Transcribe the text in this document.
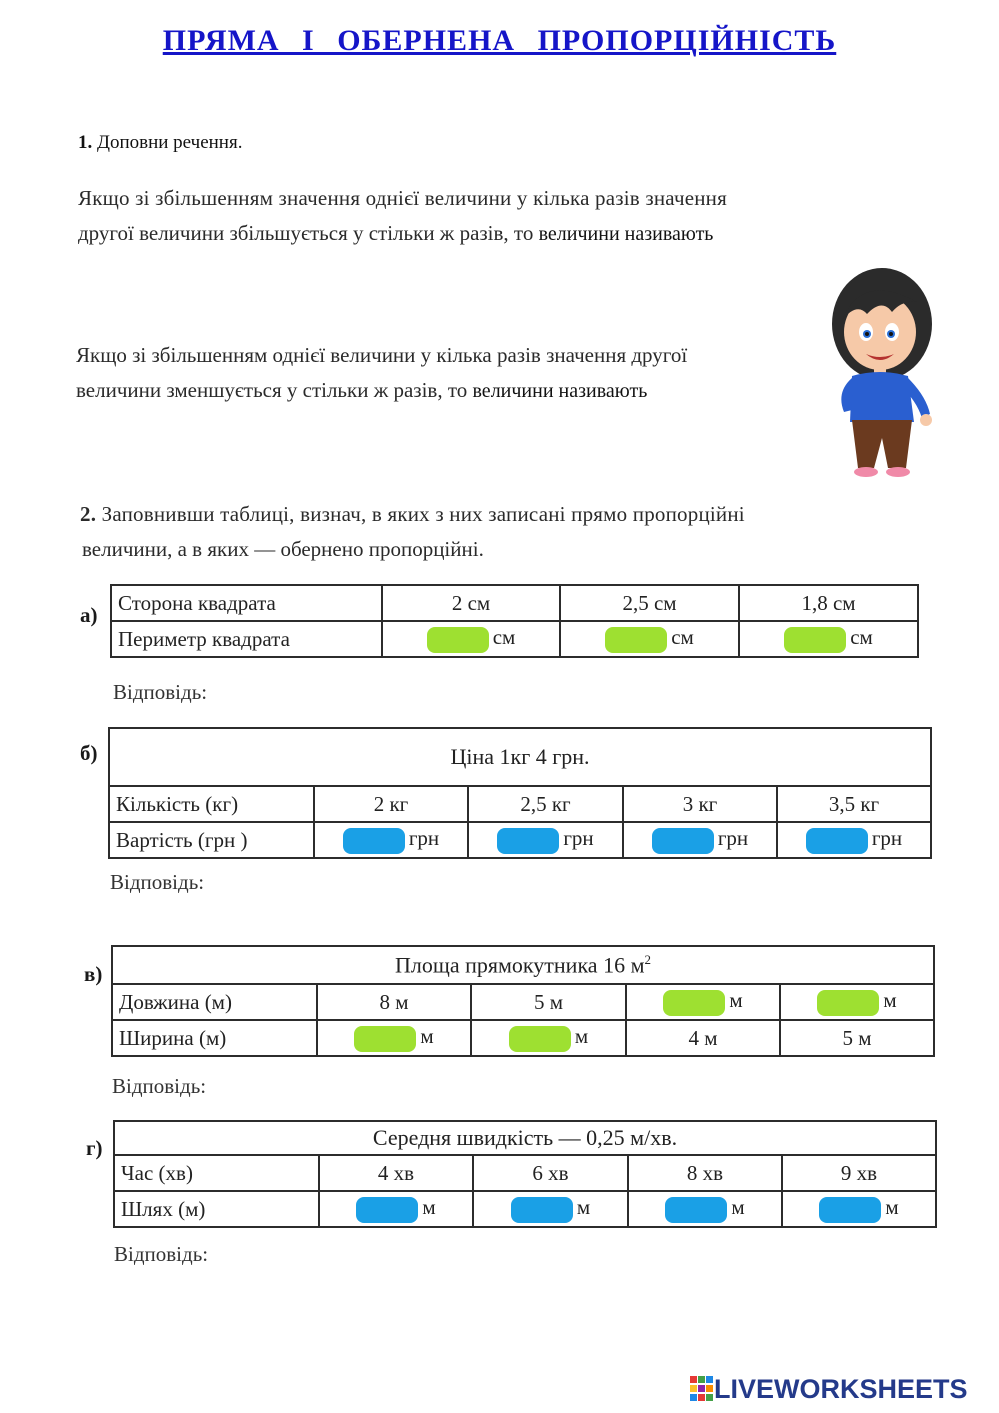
ПРЯМА І ОБЕРНЕНА ПРОПОРЦІЙНІСТЬ
1. Доповни речення.
Якщо зі збільшенням значення однієї величини у кілька разів значення
другої величини збільшується у стільки ж разів, то величини називають
Якщо зі збільшенням однієї величини у кілька разів значення другої
величини зменшується у стільки ж разів, то величини називають
2. Заповнивши таблиці, визнач, в яких з них записані прямо пропорційні
величини, а в яких — обернено пропорційні.
а)
Сторона квадрата	2 см	2,5 см	1,8 см
Периметр квадрата	см	см	см
Відповідь:
б)	Ціна 1кг 4 грн.				
Кількість (кг)	2 кг	2,5 кг	3 кг	3,5 кг
Вартість (грн )	грн	грн	грн	грн
Відповідь:
в)	Площа прямокутника 16 $м^2$
Довжина (м)	8 м	5 м	м	м
Ширина (м)	м	м	4 м	5 м
Відповідь:
г)	Середня швидкість — 0,25 м/хв.				
Час (хв)	4 хв	6 хв	8 хв	9 хв
Шлях (м)	м	м	м	м
Відповідь:
LIVEWORKSHEETS
